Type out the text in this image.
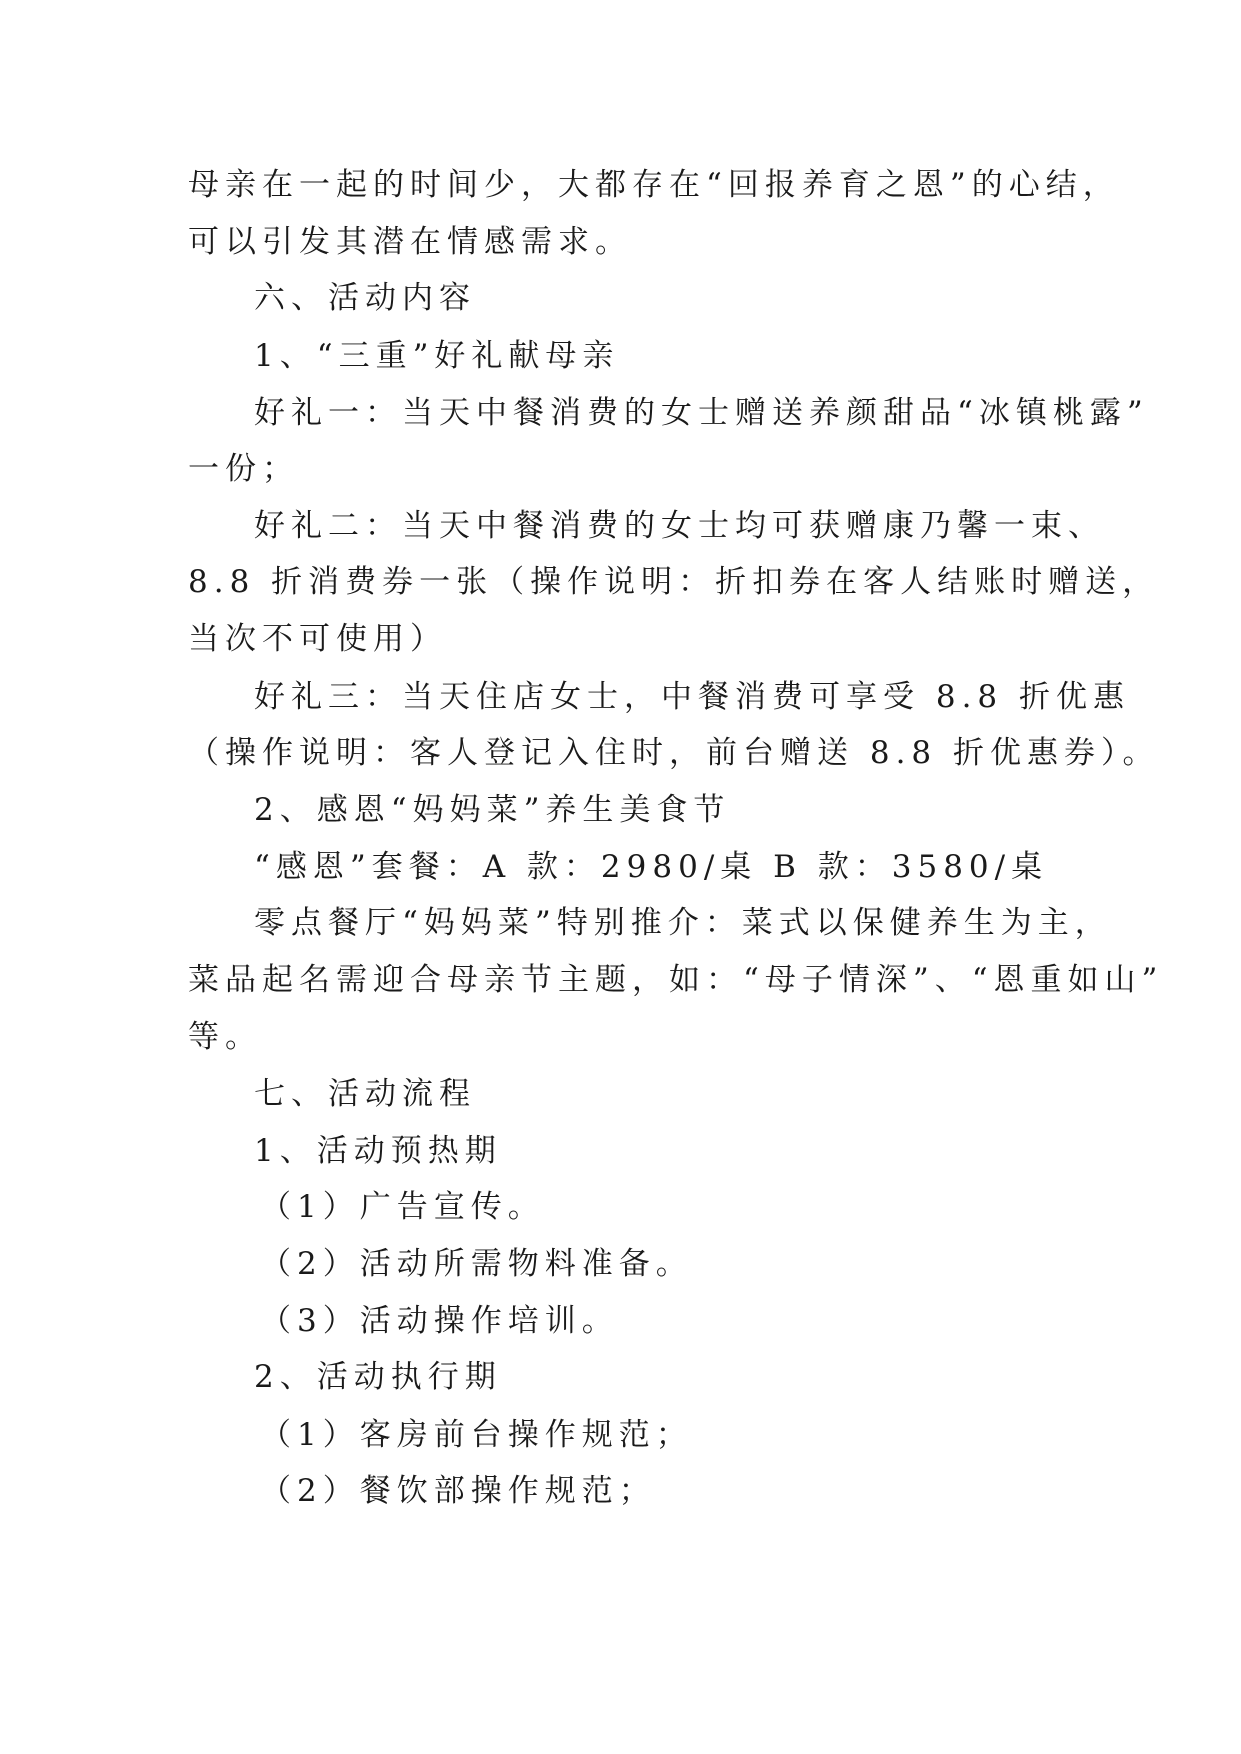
母亲在一起的时间少，大都存在“回报养育之恩”的心结，
可以引发其潜在情感需求。
六、活动内容
1、“三重”好礼献母亲
好礼一：当天中餐消费的女士赠送养颜甜品“冰镇桃露”
一份；
好礼二：当天中餐消费的女士均可获赠康乃馨一束、
8.8 折消费券一张（操作说明：折扣券在客人结账时赠送，
当次不可使用）
好礼三：当天住店女士，中餐消费可享受 8.8 折优惠
（操作说明：客人登记入住时，前台赠送 8.8 折优惠券）。
2、感恩“妈妈菜”养生美食节
“感恩”套餐：A 款：2980/桌 B 款：3580/桌
零点餐厅“妈妈菜”特别推介：菜式以保健养生为主，
菜品起名需迎合母亲节主题，如：“母子情深”、“恩重如山”
等。
七、活动流程
1、活动预热期
（1）广告宣传。
（2）活动所需物料准备。
（3）活动操作培训。
2、活动执行期
（1）客房前台操作规范；
（2）餐饮部操作规范；
